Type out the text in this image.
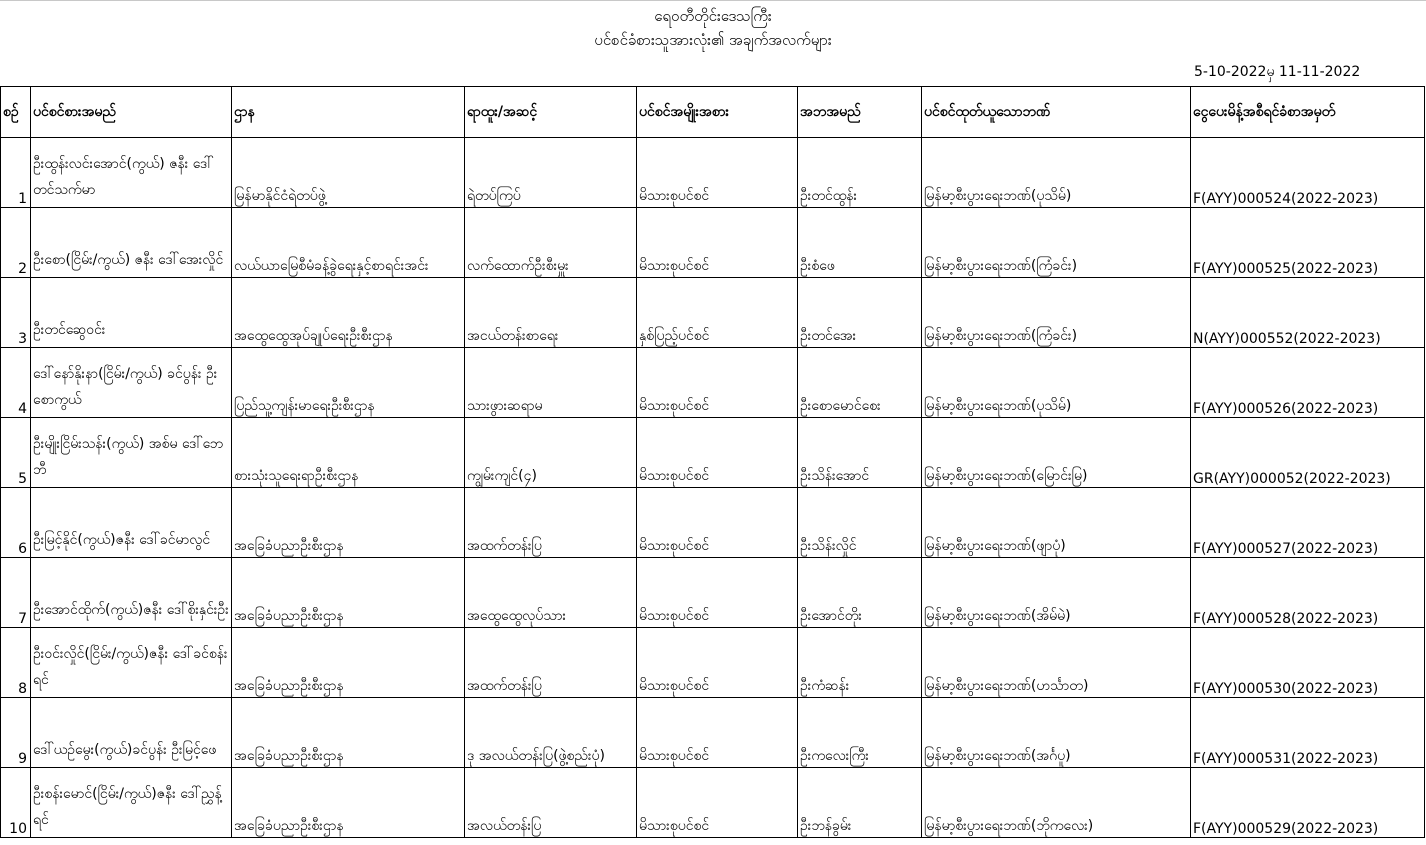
ရေဝတီတိုင်းဒေသကြီး
ပင်စင်ခံစားသူအားလုံး၏ အချက်အလက်များ
5-10-2022မှ 11-11-2022
စဉ်	ပင်စင်စားအမည်	ဌာန	ရာထူး/အဆင့်	ပင်စင်အမျိုးအစား	အဘအမည်	ပင်စင်ထုတ်ယူသောဘဏ်	ငွေပေးမိန့်အစီရင်ခံစာအမှတ်
1	ဦးထွန်းလင်းအောင်(ကွယ်) ဇနီး ဒေါ်တင်သက်မာ	မြန်မာနိုင်ငံရဲတပ်ဖွဲ့	ရဲတပ်ကြပ်	မိသားစုပင်စင်	ဦးတင်ထွန်း	မြန်မာ့စီးပွားရေးဘဏ်(ပုသိမ်)	F(AYY)000524(2022-2023)
2	ဦးစော(ငြိမ်း/ကွယ်) ဇနီး ဒေါ်အေးလှိုင်	လယ်ယာမြေစီမံခန့်ခွဲရေးနှင့်စာရင်းအင်း	လက်ထောက်ဦးစီးမှူး	မိသားစုပင်စင်	ဦးစံဖေ	မြန်မာ့စီးပွားရေးဘဏ်(ကြံခင်း)	F(AYY)000525(2022-2023)
3	ဦးတင်ဆွေဝင်း	အထွေထွေအုပ်ချုပ်ရေးဦးစီးဌာန	အငယ်တန်းစာရေး	နှစ်ပြည့်ပင်စင်	ဦးတင်အေး	မြန်မာ့စီးပွားရေးဘဏ်(ကြံခင်း)	N(AYY)000552(2022-2023)
4	ဒေါ်နော်နိုးနာ(ငြိမ်း/ကွယ်) ခင်ပွန်း ဦးစောကွယ်	ပြည်သူ့ကျန်းမာရေးဦးစီးဌာန	သားဖွားဆရာမ	မိသားစုပင်စင်	ဦးစောမောင်စေး	မြန်မာ့စီးပွားရေးဘဏ်(ပုသိမ်)	F(AYY)000526(2022-2023)
5	ဦးမျိုးငြိမ်းသန်း(ကွယ်) အစ်မ ဒေါ်ဘေဘီ	စားသုံးသူရေးရာဦးစီးဌာန	ကျွမ်းကျင်(၄)	မိသားစုပင်စင်	ဦးသိန်းအောင်	မြန်မာ့စီးပွားရေးဘဏ်(မြောင်းမြ)	GR(AYY)000052(2022-2023)
6	ဦးမြင့်နိုင်(ကွယ်)ဇနီး ဒေါ်ခင်မာလွင်	အခြေခံပညာဦးစီးဌာန	အထက်တန်းပြ	မိသားစုပင်စင်	ဦးသိန်းလှိုင်	မြန်မာ့စီးပွားရေးဘဏ်(ဖျာပုံ)	F(AYY)000527(2022-2023)
7	ဦးအောင်ထိုက်(ကွယ်)ဇနီး ဒေါ်စိုးနှင်းဦး	အခြေခံပညာဦးစီးဌာန	အထွေထွေလုပ်သား	မိသားစုပင်စင်	ဦးအောင်တိုး	မြန်မာ့စီးပွားရေးဘဏ်(အိမ်မဲ)	F(AYY)000528(2022-2023)
8	ဦးဝင်းလှိုင်(ငြိမ်း/ကွယ်)ဇနီး ဒေါ်ခင်စန်းရင်	အခြေခံပညာဦးစီးဌာန	အထက်တန်းပြ	မိသားစုပင်စင်	ဦးကံဆန်း	မြန်မာ့စီးပွားရေးဘဏ်(ဟင်္သာတ)	F(AYY)000530(2022-2023)
9	ဒေါ်ယဉ်မွေး(ကွယ်)ခင်ပွန်း ဦးမြင့်ဖေ	အခြေခံပညာဦးစီးဌာန	ဒု အလယ်တန်းပြ(ဖွဲ့စည်းပုံ)	မိသားစုပင်စင်	ဦးကလေးကြီး	မြန်မာ့စီးပွားရေးဘဏ်(အင်္ဂပူ)	F(AYY)000531(2022-2023)
10	ဦးစန်းမောင်(ငြိမ်း/ကွယ်)ဇနီး ဒေါ်ညွှန့်ရင်	အခြေခံပညာဦးစီးဌာန	အလယ်တန်းပြ	မိသားစုပင်စင်	ဦးဘန်ခွမ်း	မြန်မာ့စီးပွားရေးဘဏ်(ဘိုကလေး)	F(AYY)000529(2022-2023)
